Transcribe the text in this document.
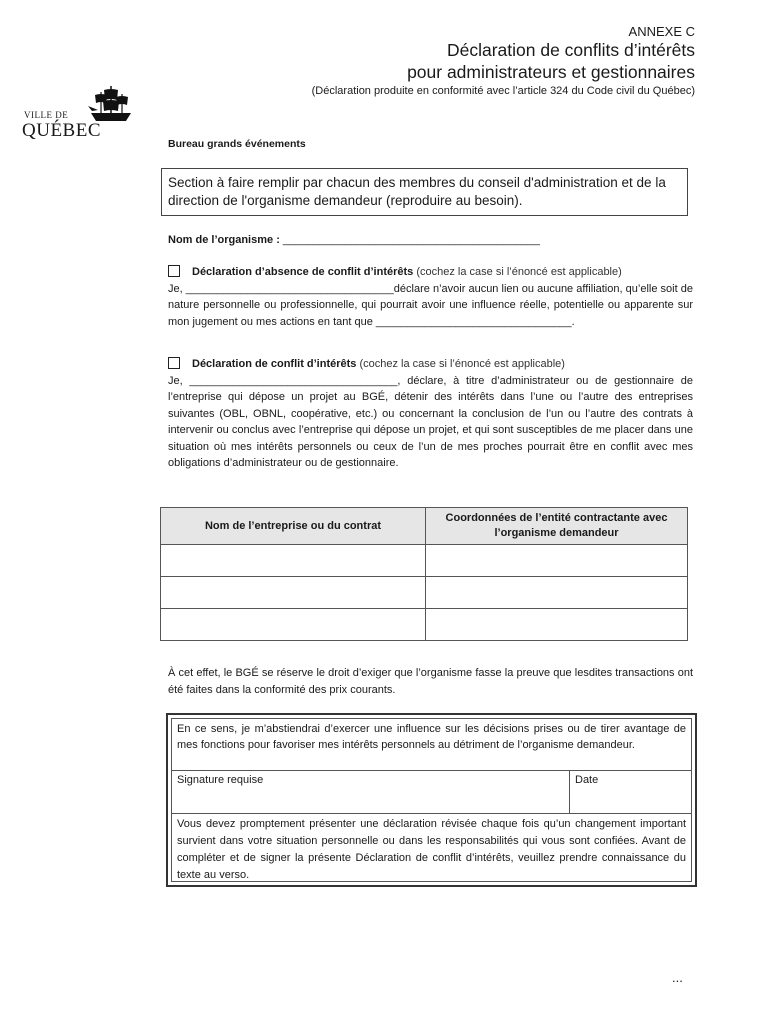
ANNEXE C
Déclaration de conflits d’intérêts
pour administrateurs et gestionnaires
(Déclaration produite en conformité avec l’article 324 du Code civil du Québec)
VILLE DE
QUÉBEC
Bureau grands événements
Section à faire remplir par chacun des membres du conseil d'administration et de la direction de l'organisme demandeur (reproduire au besoin).
Nom de l’organisme : __________________________________________
Déclaration d’absence de conflit d’intérêts (cochez la case si l’énoncé est applicable)
Je, __________________________________déclare n’avoir aucun lien ou aucune affiliation, qu’elle soit de nature personnelle ou professionnelle, qui pourrait avoir une influence réelle, potentielle ou apparente sur mon jugement ou mes actions en tant que ________________________________.
Déclaration de conflit d’intérêts (cochez la case si l’énoncé est applicable)
Je, __________________________________, déclare, à titre d’administrateur ou de gestionnaire de l’entreprise qui dépose un projet au BGÉ, détenir des intérêts dans l’une ou l’autre des entreprises suivantes (OBL, OBNL, coopérative, etc.) ou concernant la conclusion de l’un ou l’autre des contrats à intervenir ou conclus avec l’entreprise qui dépose un projet, et qui sont susceptibles de me placer dans une situation où mes intérêts personnels ou ceux de l’un de mes proches pourrait être en conflit avec mes obligations d’administrateur ou de gestionnaire.
Nom de l’entreprise ou du contrat	Coordonnées de l’entité contractante avec l’organisme demandeur

À cet effet, le BGÉ se réserve le droit d’exiger que l’organisme fasse la preuve que lesdites transactions ont été faites dans la conformité des prix courants.
En ce sens, je m’abstiendrai d’exercer une influence sur les décisions prises ou de tirer avantage de mes fonctions pour favoriser mes intérêts personnels au détriment de l’organisme demandeur.
Signature requise	Date
Vous devez promptement présenter une déclaration révisée chaque fois qu’un changement important survient dans votre situation personnelle ou dans les responsabilités qui vous sont confiées. Avant de compléter et de signer la présente Déclaration de conflit d’intérêts, veuillez prendre connaissance du texte au verso.
...
